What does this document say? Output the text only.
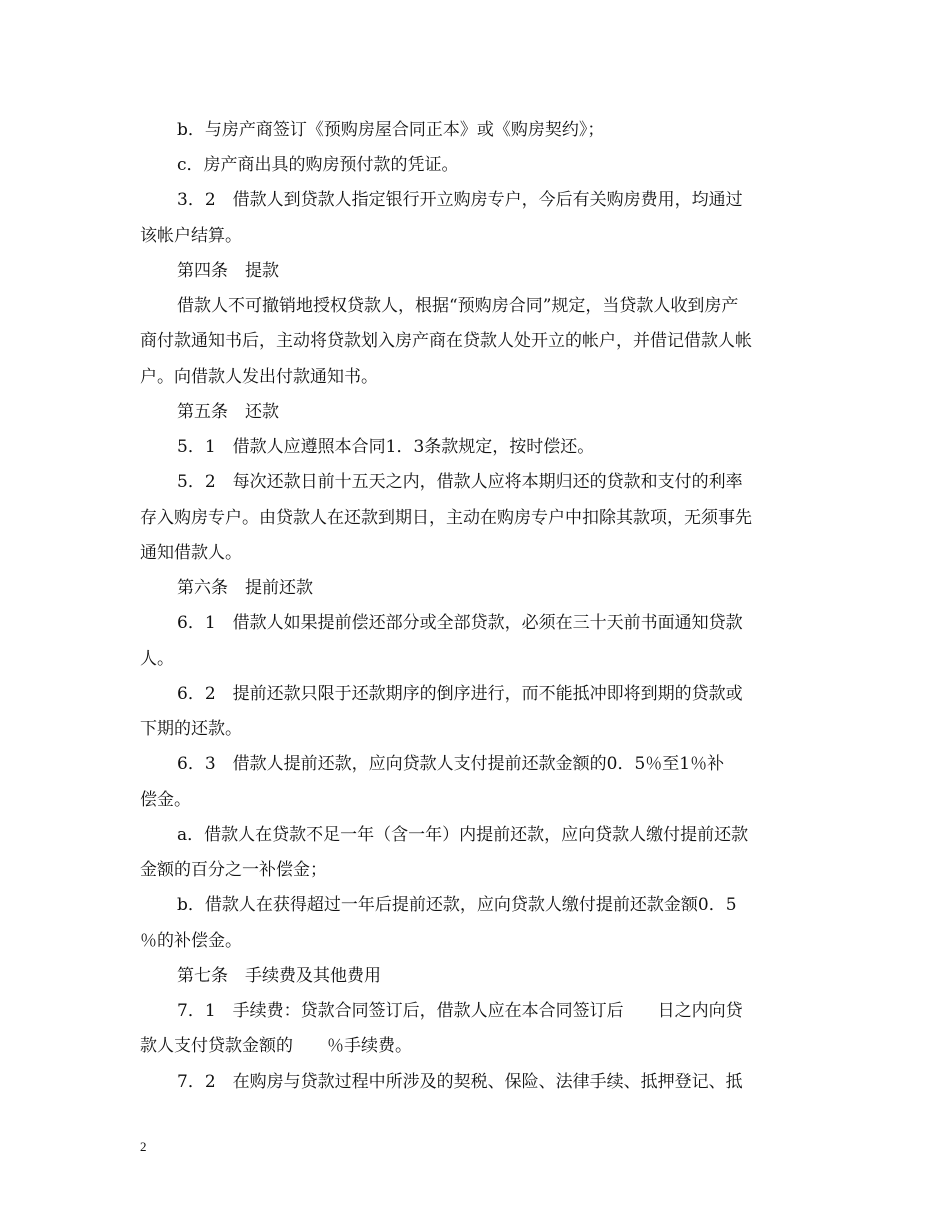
b．与房产商签订《预购房屋合同正本》或《购房契约》；
c．房产商出具的购房预付款的凭证。
3．2　借款人到贷款人指定银行开立购房专户，今后有关购房费用，均通过
该帐户结算。
第四条　提款
借款人不可撤销地授权贷款人，根据“预购房合同”规定，当贷款人收到房产
商付款通知书后，主动将贷款划入房产商在贷款人处开立的帐户，并借记借款人帐
户。向借款人发出付款通知书。
第五条　还款
5．1　借款人应遵照本合同1．3条款规定，按时偿还。
5．2　每次还款日前十五天之内，借款人应将本期归还的贷款和支付的利率
存入购房专户。由贷款人在还款到期日，主动在购房专户中扣除其款项，无须事先
通知借款人。
第六条　提前还款
6．1　借款人如果提前偿还部分或全部贷款，必须在三十天前书面通知贷款
人。
6．2　提前还款只限于还款期序的倒序进行，而不能抵冲即将到期的贷款或
下期的还款。
6．3　借款人提前还款，应向贷款人支付提前还款金额的0．5％至1％补
偿金。
a．借款人在贷款不足一年（含一年）内提前还款，应向贷款人缴付提前还款
金额的百分之一补偿金；
b．借款人在获得超过一年后提前还款，应向贷款人缴付提前还款金额0．5
％的补偿金。
第七条　手续费及其他费用
7．1　手续费：贷款合同签订后，借款人应在本合同签订后　　日之内向贷
款人支付贷款金额的　　％手续费。
7．2　在购房与贷款过程中所涉及的契税、保险、法律手续、抵押登记、抵
2
